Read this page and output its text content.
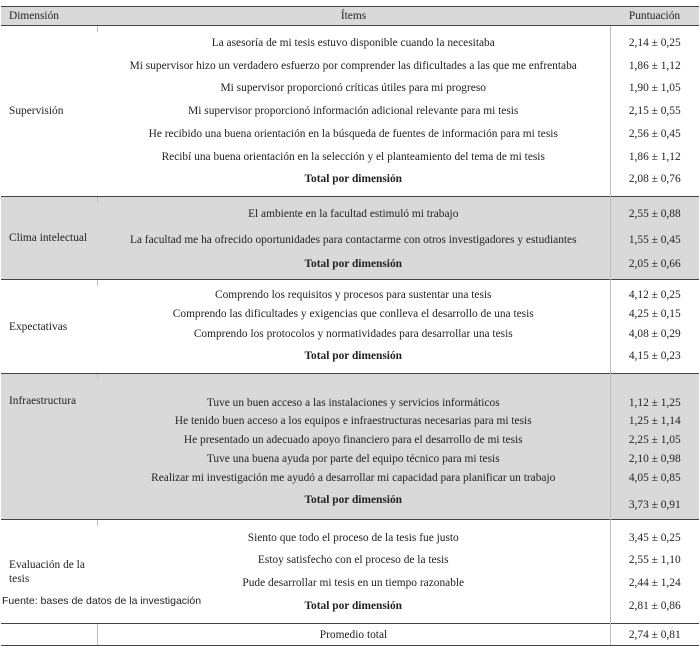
Dimensión	Ítems	Puntuación
Supervisión		
	La asesoría de mi tesis estuvo disponible cuando la necesitaba	2,14 ± 0,25
	Mi supervisor hizo un verdadero esfuerzo por comprender las dificultades a las que me enfrentaba	1,86 ± 1,12
	Mi supervisor proporcionó críticas útiles para mi progreso	1,90 ± 1,05
	Mi supervisor proporcionó información adicional relevante para mi tesis	2,15 ± 0,55
	He recibido una buena orientación en la búsqueda de fuentes de información para mi tesis	2,56 ± 0,45
	Recibí una buena orientación en la selección y el planteamiento del tema de mi tesis	1,86 ± 1,12
	Total por dimensión	2,08 ± 0,76

Clima intelectual		
	El ambiente en la facultad estimuló mi trabajo	2,55 ± 0,88
	La facultad me ha ofrecido oportunidades para contactarme con otros investigadores y estudiantes	1,55 ± 0,45
	Total por dimensión	2,05 ± 0,66

Expectativas		
	Comprendo los requisitos y procesos para sustentar una tesis	4,12 ± 0,25
	Comprendo las dificultades y exigencias que conlleva el desarrollo de una tesis	4,25 ± 0,15
	Comprendo los protocolos y normatividades para desarrollar una tesis	4,08 ± 0,29
	Total por dimensión	4,15 ± 0,23

Infraestructura		
	Tuve un buen acceso a las instalaciones y servicios informáticos	1,12 ± 1,25
	He tenido buen acceso a los equipos e infraestructuras necesarias para mi tesis	1,25 ± 1,14
	He presentado un adecuado apoyo financiero para el desarrollo de mi tesis	2,25 ± 1,05
	Tuve una buena ayuda por parte del equipo técnico para mi tesis	2,10 ± 0,98
	Realizar mi investigación me ayudó a desarrollar mi capacidad para planificar un trabajo	4,05 ± 0,85
	Total por dimensión	3,73 ± 0,91

Evaluación de la tesis		
	Siento que todo el proceso de la tesis fue justo	3,45 ± 0,25
	Estoy satisfecho con el proceso de la tesis	2,55 ± 1,10
	Pude desarrollar mi tesis en un tiempo razonable	2,44 ± 1,24
	Total por dimensión	2,81 ± 0,86

	Promedio total	2,74 ± 0,81
Fuente: bases de datos de la investigación
